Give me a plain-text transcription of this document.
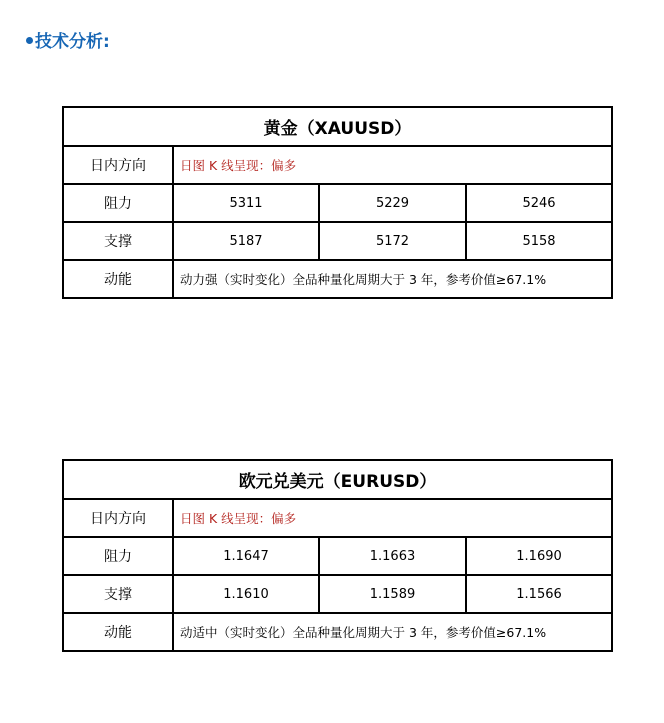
技术分析:
黄金（XAUUSD）			
日内方向	日图 K 线呈现：偏多		
阻力	5311	5229	5246
支撑	5187	5172	5158
动能	动力强（实时变化）全品种量化周期大于 3 年，参考价值≥67.1%		
欧元兑美元（EURUSD）			
日内方向	日图 K 线呈现：偏多		
阻力	1.1647	1.1663	1.1690
支撑	1.1610	1.1589	1.1566
动能	动适中（实时变化）全品种量化周期大于 3 年，参考价值≥67.1%		
